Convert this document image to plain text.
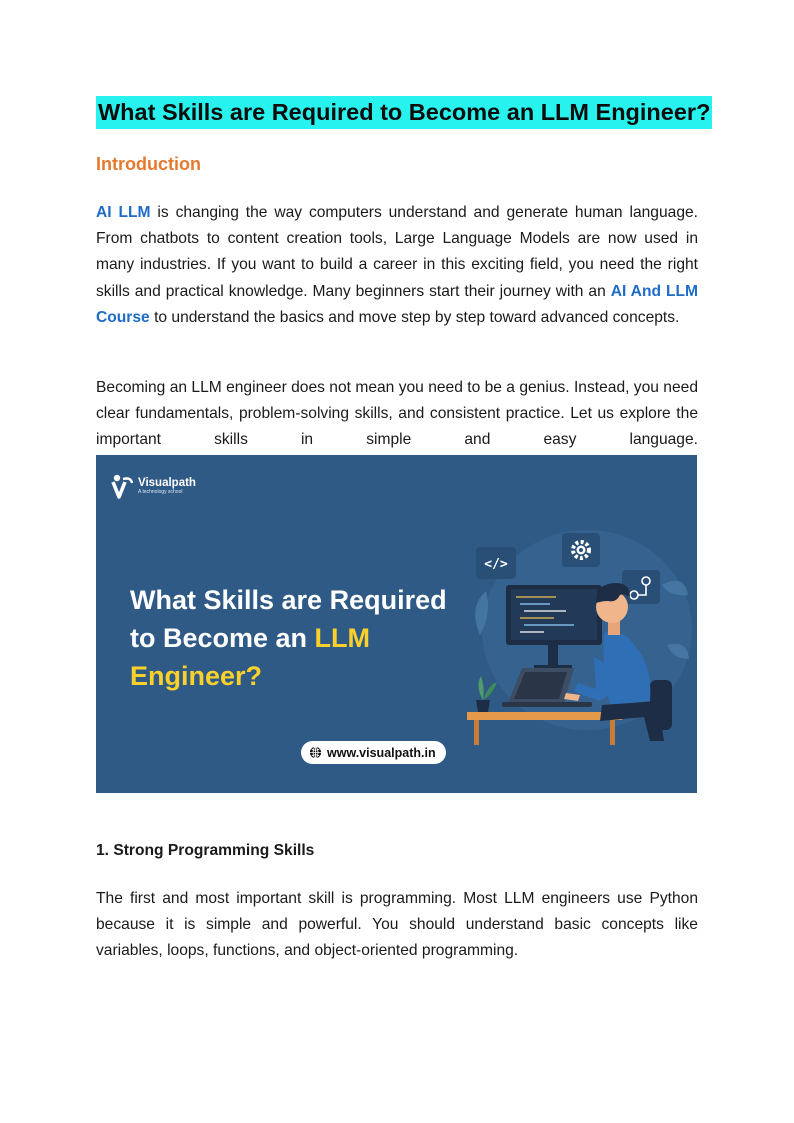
What Skills are Required to Become an LLM Engineer?
Introduction

AI LLM is changing the way computers understand and generate human language. From chatbots to content creation tools, Large Language Models are now used in many industries. If you want to build a career in this exciting field, you need the right skills and practical knowledge. Many beginners start their journey with an AI And LLM Course to understand the basics and move step by step toward advanced concepts.

Becoming an LLM engineer does not mean you need to be a genius. Instead, you need clear fundamentals, problem-solving skills, and consistent practice. Let us explore the important skills in simple and easy language.

Visualpath
A technology school
What Skills are Required
to Become an LLM
Engineer?
www.visualpath.in
</>
1. Strong Programming Skills

The first and most important skill is programming. Most LLM engineers use Python because it is simple and powerful. You should understand basic concepts like variables, loops, functions, and object-oriented programming.
